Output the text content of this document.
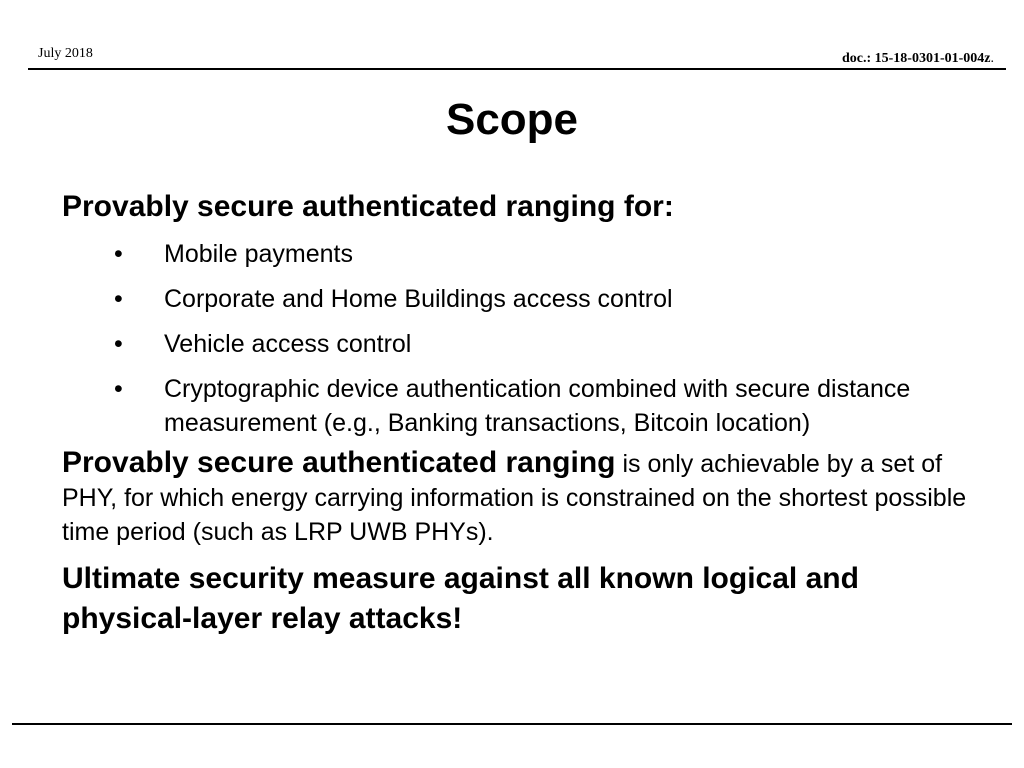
July 2018	doc.: 15-18-0301-01-004z.
Scope
Provably secure authenticated ranging for:
• Mobile payments
• Corporate and Home Buildings access control
• Vehicle access control
• Cryptographic device authentication combined with secure distance measurement (e.g., Banking transactions, Bitcoin location)
Provably secure authenticated ranging is only achievable by a set of PHY, for which energy carrying information is constrained on the shortest possible time period (such as LRP UWB PHYs).
Ultimate security measure against all known logical and physical-layer relay attacks!
